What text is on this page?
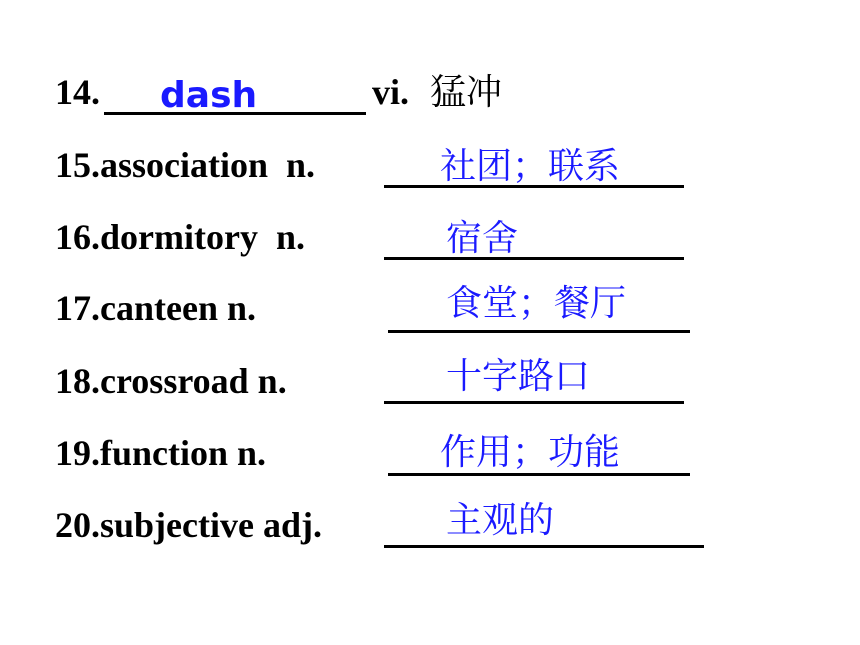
14. dash	vi. 猛冲
15.association  n.	社团；联系
16.dormitory  n.	宿舍
17.canteen n.	食堂；餐厅
18.crossroad n.	十字路口
19.function n.	作用；功能
20.subjective adj.	主观的
